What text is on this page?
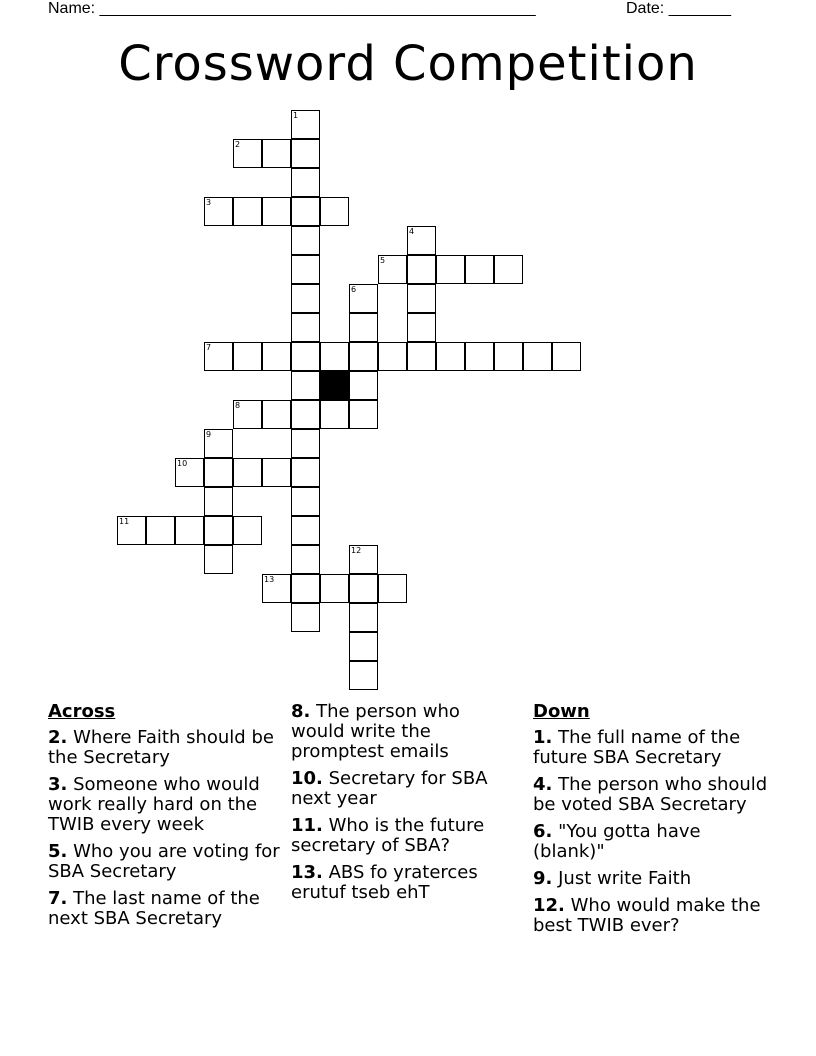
Name: _________________________________________________	Date: _______
Crossword Competition
1
2
3
4
5
6
7
8
9
10
11
12
13
Across
2. Where Faith should be the Secretary
3. Someone who would work really hard on the TWIB every week
5. Who you are voting for SBA Secretary
7. The last name of the next SBA Secretary
8. The person who would write the promptest emails
10. Secretary for SBA next year
11. Who is the future secretary of SBA?
13. ABS fo yraterces erutuf tseb ehT
Down
1. The full name of the future SBA Secretary
4. The person who should be voted SBA Secretary
6. "You gotta have (blank)"
9. Just write Faith
12. Who would make the best TWIB ever?
